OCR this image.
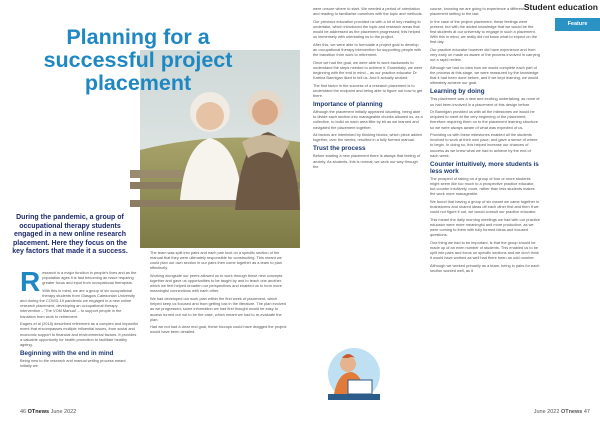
Student education
Feature
Planning for a
successful project
placement
During the pandemic, a group of occupational therapy students engaged in a new online research placement. Here they focus on the key factors that made it a success.

Research is a major function in people's lives and as the population ages it is fast becoming an issue requiring greater focus and input from occupational therapists.

With this in mind, we are a group of six occupational therapy students from Glasgow Caledonian University and during the COVID-19 pandemic we engaged in a new online research placement, developing an occupational therapy intervention – 'The VOM Manual' – to support people in the transition from work to retirement.

Eagers et al (2018) described retirement as a complex and impactful event that encompasses multiple influential issues, from social and economic support to financial and environmental factors. It provides a valuable opportunity for health promotion to facilitate healthy ageing.

Beginning with the end in mind

Being new to the research and manual writing process meant initially we

The team was split into pairs and each pair took on a specific section of the manual that they were ultimately responsible for constructing. This meant we could plan our own section in our pairs then come together as a team to plan effectively.

Working alongside our peers allowed us to work through these new concepts together and gave us opportunities to be taught by and to teach one another, which we feel helped broaden our perspectives and enabled us to form more meaningful connections with each other.

We had developed our work plan within the first week of placement, which helped keep us focused and from getting lost in the literature. The plan evolved as we progressed; some information we had first thought would be easy to access turned out not to be the case, which meant we had to re-evaluate the plan.

Had we not had a clear end goal, these hiccups could have dragged the project would have been derailed.

were unsure where to start. We needed a period of orientation and reading to familiarise ourselves with the topic and methods.

Our previous education provided us with a lot of key reading to undertake, which introduced the topic and research areas that would be addressed as the placement progressed; this helped us immensely with orientating us to the project.

After this, we were able to formulate a project goal to develop an occupational therapy intervention for supporting people with the transition from work to retirement.

Once we had the goal, we were able to work backwards to understand the steps needed to achieve it. Essentially, we were beginning with the end in mind – as our practice educator Dr Katrina Bannigan liked to tell us. And it actually worked.

The first factor in the success of a research placement is to understand the endpoint and being able to figure out how to get there.

Importance of planning

Although the placement initially appeared daunting, being able to divide each section into manageable chunks allowed us, as a collective, to build on each area little by bit as we learned and navigated the placement together.

All factors are interlinked by thinking blocks, which piece added together, over the weeks, resulted in a fully formed manual.

Trust the process

Before starting a new placement there is always that feeling of anxiety. As students, this is normal; we work our way through the

course, knowing we are going to experience a different placement setting to the last.

In the case of the project placement, these feelings were present, but with the added knowledge that we would be the first students at our university to engage in such a placement. With this in mind, we really did not know what to expect on the first day.

Our practice educator however did have experience and from very early on made us aware of the process involved in carrying out a rapid review.

Although we had no idea how we would complete each part of the process at this stage, we were reassured by the knowledge that it had been done before, and if we kept learning, we would ultimately achieve our goal.

Learning by doing

This placement was a new and exciting undertaking, as none of us had been involved in a placement of this design before.

Dr Bannigan provided us with all the milestones we would be required to meet at the very beginning of the placement, therefore requiring them on to the placement learning structure so we were always aware of what was expected of us.

Providing us with these milestones enabled all the students involved to work at their own pace, and gave a sense of where to begin. In doing so, this helped increase our chances of success as we knew what we had to achieve by the end of each week.

Counter intuitively, more students is less work

The prospect of taking on a group of four or more students might seem like too much to a prospective practice educator, but counter intuitively, more, rather than less students makes the work more manageable.

We found that having a group of six meant we came together in brainstorms and shared ideas off each other first and then if we could not figure it out, we would consult our practice educator.

This meant the daily morning meetings we had with our practice educator were more meaningful and more productive, as we were coming to them with fully formed ideas and focused questions.

One thing we had to be important, is that the group should be made up of an even number of students. This enabled us to be split into pairs and focus on specific sections and we don't think it would have worked as well had there been an odd number.

Although we worked primarily as a team, being in pairs for each section worked well, as it

46 OTnews June 2022	June 2022 OTnews 47
